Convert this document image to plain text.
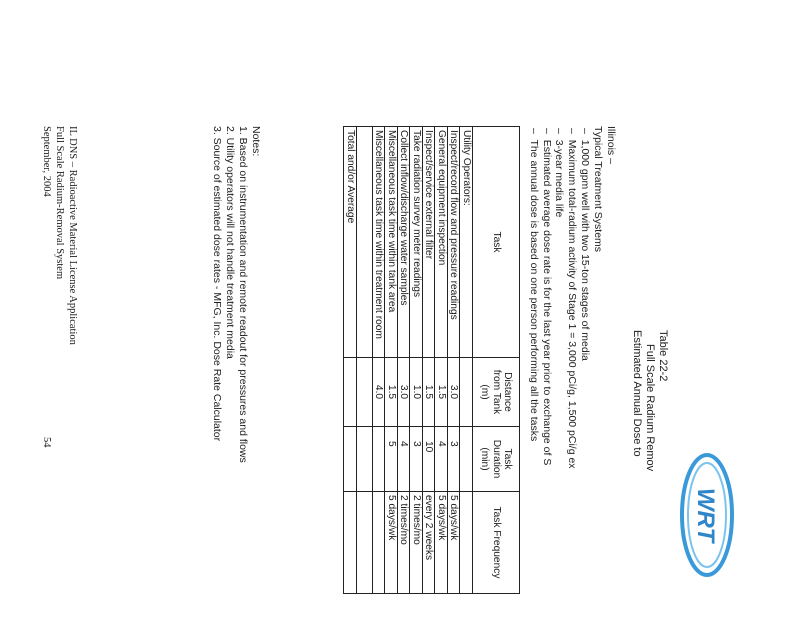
WRT
Table 22-2
Full Scale Radium Remov
Estimated Annual Dose to
Illinois –
Typical Treatment Systems
–  1,000 gpm well with two 15-ton stages of media
–  Maximum total-radium activity of Stage 1 = 3,000 pCi/g, 1,500 pCi/g ex
–  3-year media life
–  Estimated average dose rate is for the last year prior to exchange of S
–  The annual dose is based on one person performing all the tasks
Task	Distance from Tank (m)	Task Duration (min)	Task Frequency
Utility Operators:			
Inspect/record flow and pressure readings	3.0	3	5 days/wk
General equipment inspection	1.5	4	5 days/wk
Inspect/service external filter	1.5	10	every 2 weeks
Take radiation survey meter readings	1.0	3	2 times/mo
Collect inflow/discharge water samples	3.0	4	2 times/mo
Miscellaneous task time within tank area	1.5	5	5 days/wk
Miscellaneous task time within treatment room	4.0		

Total and/or Average			
Notes:
1. Based on instrumentation and remote readout for pressures and flows
2. Utility operators will not handle treatment media
3. Source of estimated dose rates - MFG, Inc. Dose Rate Calculator
IL DNS – Radioactive Material License Application
Full Scale Radium-Removal System
September, 2004
54
